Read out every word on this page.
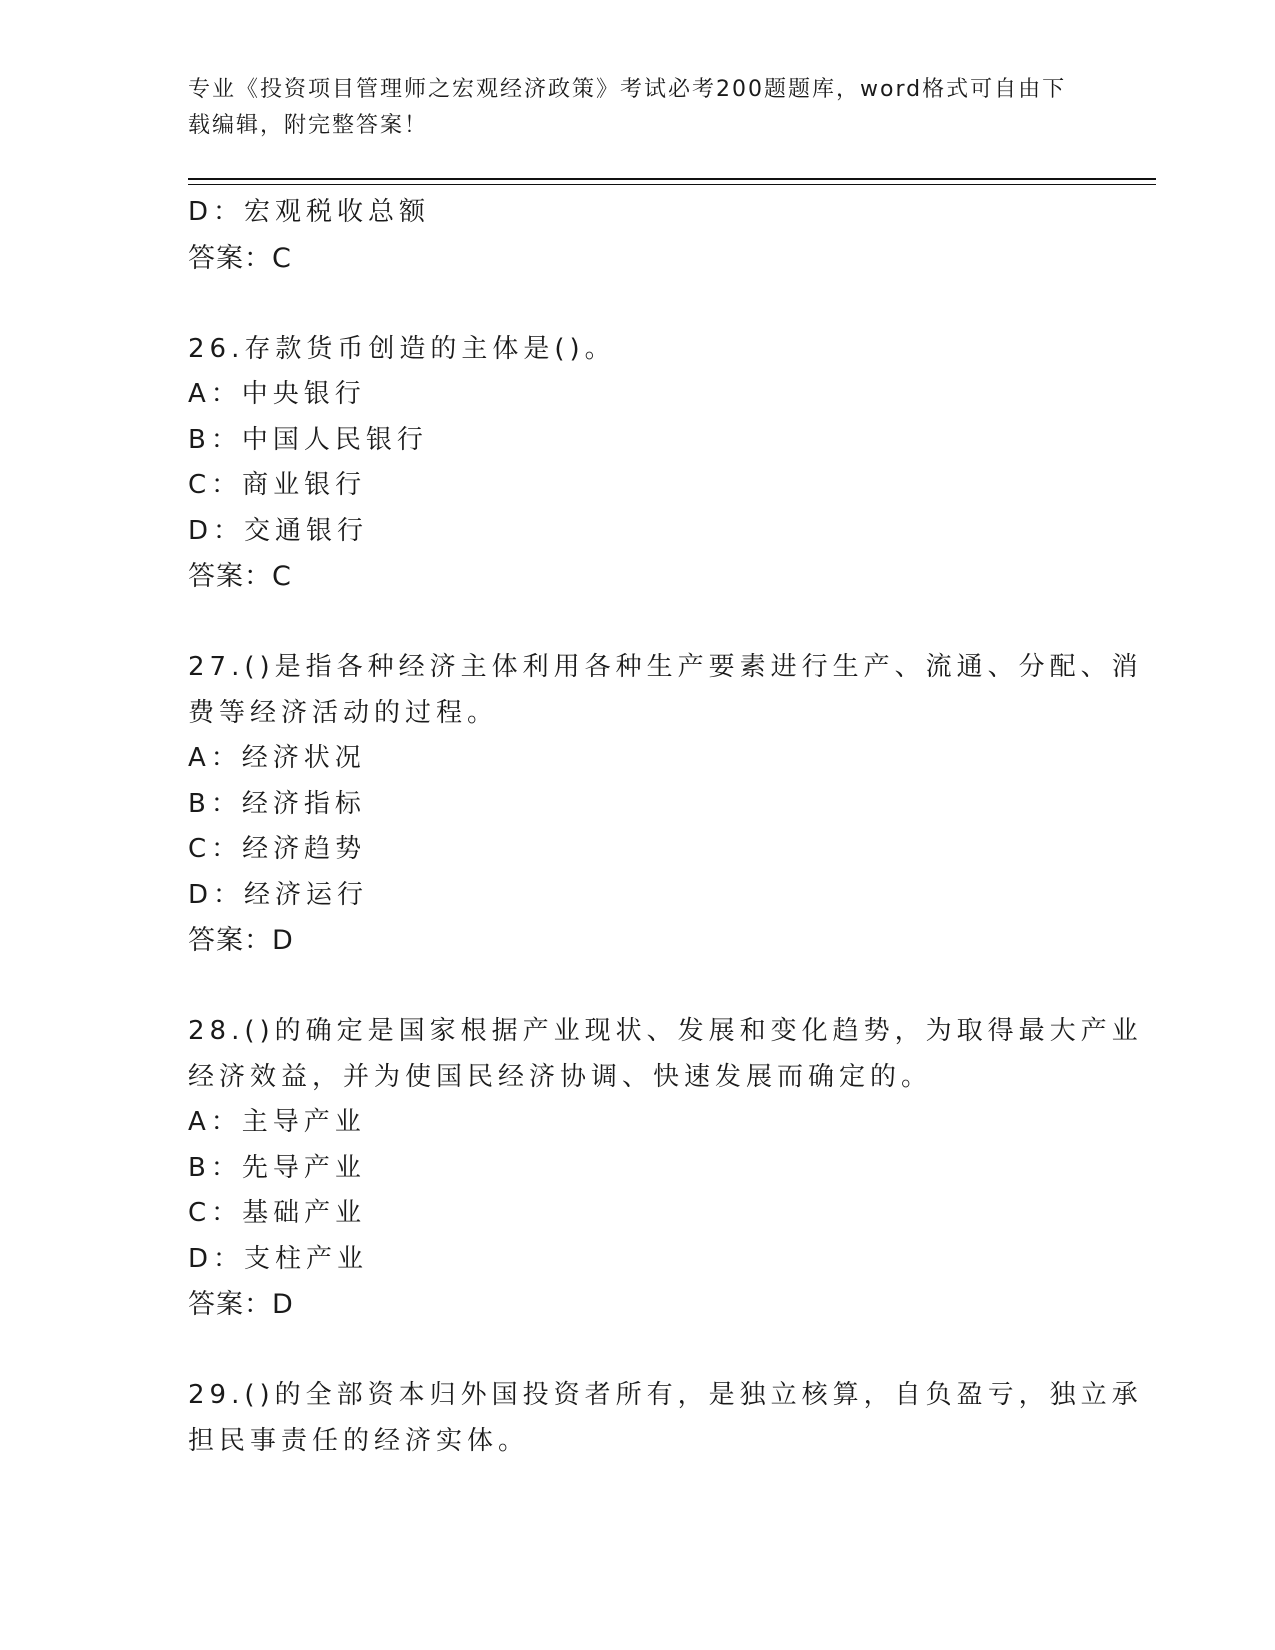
专业《投资项目管理师之宏观经济政策》考试必考200题题库，word格式可自由下载编辑，附完整答案！
D：宏观税收总额
答案：C
26.存款货币创造的主体是()。
A：中央银行
B：中国人民银行
C：商业银行
D：交通银行
答案：C
27.()是指各种经济主体利用各种生产要素进行生产、流通、分配、消
费等经济活动的过程。
A：经济状况
B：经济指标
C：经济趋势
D：经济运行
答案：D
28.()的确定是国家根据产业现状、发展和变化趋势，为取得最大产业
经济效益，并为使国民经济协调、快速发展而确定的。
A：主导产业
B：先导产业
C：基础产业
D：支柱产业
答案：D
29.()的全部资本归外国投资者所有，是独立核算，自负盈亏，独立承
担民事责任的经济实体。
